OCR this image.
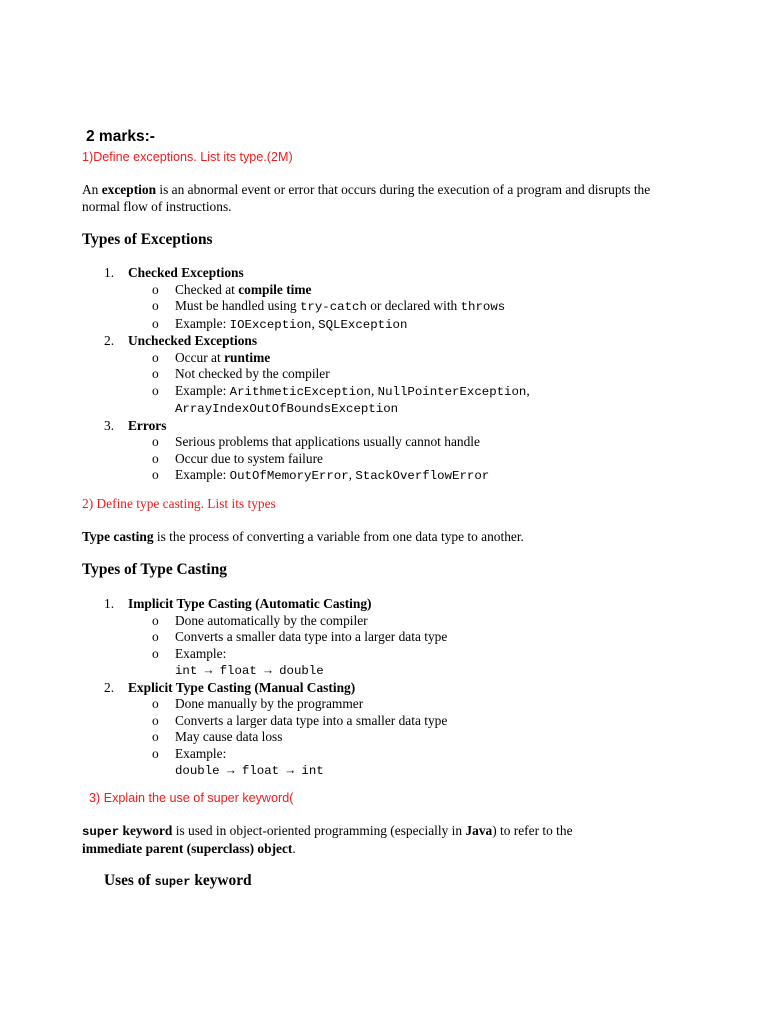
2 marks:-
1)Define exceptions. List its type.(2M)

An exception is an abnormal event or error that occurs during the execution of a program and disrupts the normal flow of instructions.

Types of Exceptions
1. Checked Exceptions
o Checked at compile time
o Must be handled using try-catch or declared with throws
o Example: IOException, SQLException
2. Unchecked Exceptions
o Occur at runtime
o Not checked by the compiler
o Example: ArithmeticException, NullPointerException,
ArrayIndexOutOfBoundsException
3. Errors
o Serious problems that applications usually cannot handle
o Occur due to system failure
o Example: OutOfMemoryError, StackOverflowError
2) Define type casting. List its types

Type casting is the process of converting a variable from one data type to another.

Types of Type Casting
1. Implicit Type Casting (Automatic Casting)
o Done automatically by the compiler
o Converts a smaller data type into a larger data type
o Example:
int → float → double
2. Explicit Type Casting (Manual Casting)
o Done manually by the programmer
o Converts a larger data type into a smaller data type
o May cause data loss
o Example:
double → float → int
3) Explain the use of super keyword(

super keyword is used in object-oriented programming (especially in Java) to refer to the
immediate parent (superclass) object.

Uses of super keyword
